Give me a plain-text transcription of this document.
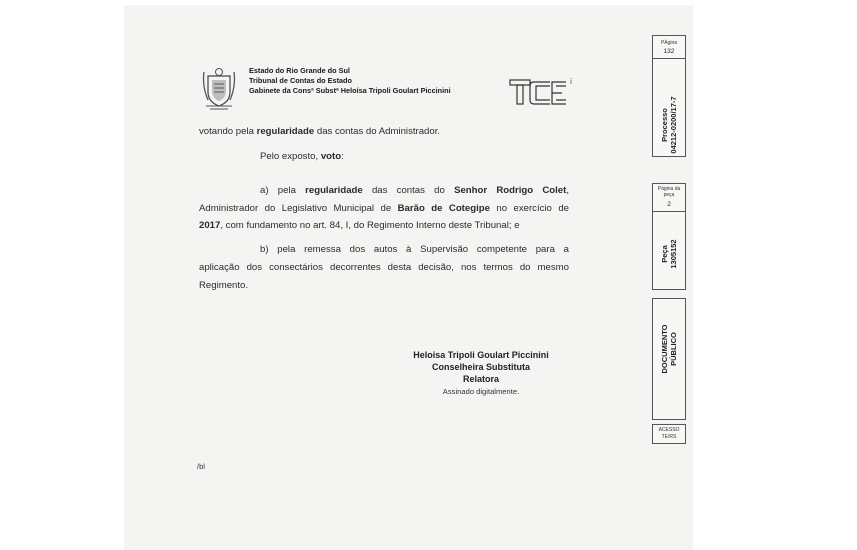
Estado do Rio Grande do Sul
Tribunal de Contas do Estado
Gabinete da Consª Substª Heloísa Tripoli Goulart Piccinini
TCE
votando pela regularidade das contas do Administrador.
Pelo exposto, voto:
a) pela regularidade das contas do Senhor Rodrigo Colet,
Administrador do Legislativo Municipal de Barão de Cotegipe no exercício de
2017, com fundamento no art. 84, I, do Regimento Interno deste Tribunal; e
b) pela remessa dos autos à Supervisão competente para a
aplicação dos consectários decorrentes desta decisão, nos termos do mesmo
Regimento.
Heloisa Tripoli Goulart Piccinini
Conselheira Substituta
Relatora
Assinado digitalmente.
/bl
PÁgina
132
Processo 04212-0200/17-7
Página da peça
2
Peça 1305152
DOCUMENTO PÚBLICO
ACESSO
TE/RS
